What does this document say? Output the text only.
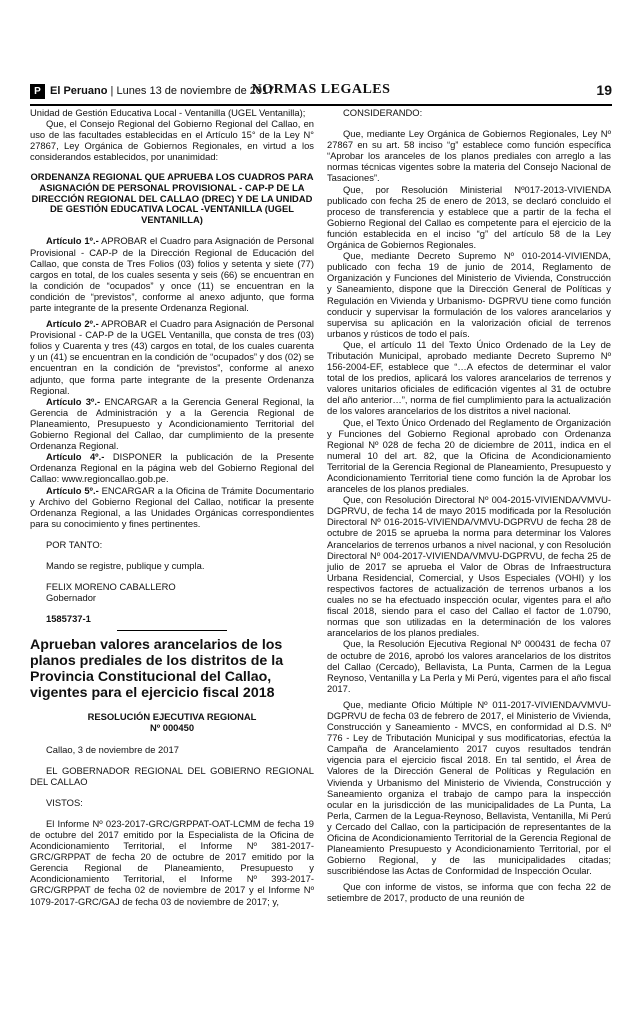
P El Peruano | Lunes 13 de noviembre de 2017
NORMAS LEGALES	19

Unidad de Gestión Educativa Local - Ventanilla (UGEL Ventanilla);

Que, el Consejo Regional del Gobierno Regional del Callao, en uso de las facultades establecidas en el Artículo 15° de la Ley N° 27867, Ley Orgánica de Gobiernos Regionales, en virtud a los considerandos establecidos, por unanimidad:

ORDENANZA REGIONAL QUE APRUEBA LOS CUADROS PARA ASIGNACIÓN DE PERSONAL PROVISIONAL - CAP-P DE LA DIRECCIÓN REGIONAL DEL CALLAO (DREC) Y DE LA UNIDAD DE GESTIÓN EDUCATIVA LOCAL -VENTANILLA (UGEL VENTANILLA)

Artículo 1º.- APROBAR el Cuadro para Asignación de Personal Provisional - CAP-P de la Dirección Regional de Educación del Callao, que consta de Tres Folios (03) folios y setenta y siete (77) cargos en total, de los cuales sesenta y seis (66) se encuentran en la condición de “ocupados” y once (11) se encuentran en la condición de “previstos”, conforme al anexo adjunto, que forma parte integrante de la presente Ordenanza Regional.

Artículo 2º.- APROBAR el Cuadro para Asignación de Personal Provisional - CAP-P de la UGEL Ventanilla, que consta de tres (03) folios y Cuarenta y tres (43) cargos en total, de los cuales cuarenta y un (41) se encuentran en la condición de “ocupados” y dos (02) se encuentran en la condición de “previstos”, conforme al anexo adjunto, que forma parte integrante de la presente Ordenanza Regional.

Artículo 3º.- ENCARGAR a la Gerencia General Regional, la Gerencia de Administración y a la Gerencia Regional de Planeamiento, Presupuesto y Acondicionamiento Territorial del Gobierno Regional del Callao, dar cumplimiento de la presente Ordenanza Regional.

Artículo 4º.- DISPONER la publicación de la Presente Ordenanza Regional en la página web del Gobierno Regional del Callao: www.regioncallao.gob.pe.

Artículo 5º.- ENCARGAR a la Oficina de Trámite Documentario y Archivo del Gobierno Regional del Callao, notificar la presente Ordenanza Regional, a las Unidades Orgánicas correspondientes para su conocimiento y fines pertinentes.

POR TANTO:

Mando se registre, publique y cumpla.

FELIX MORENO CABALLERO

Gobernador

1585737-1

Aprueban valores arancelarios de los planos prediales de los distritos de la Provincia Constitucional del Callao, vigentes para el ejercicio fiscal 2018

RESOLUCIÓN EJECUTIVA REGIONAL

Nº 000450

Callao, 3 de noviembre de 2017

EL GOBERNADOR REGIONAL DEL GOBIERNO REGIONAL DEL CALLAO

VISTOS:

El Informe Nº 023-2017-GRC/GRPPAT-OAT-LCMM de fecha 19 de octubre del 2017 emitido por la Especialista de la Oficina de Acondicionamiento Territorial, el Informe Nº 381-2017-GRC/GRPPAT de fecha 20 de octubre de 2017 emitido por la Gerencia Regional de Planeamiento, Presupuesto y Acondicionamiento Territorial, el Informe Nº 393-2017-GRC/GRPPAT de fecha 02 de noviembre de 2017 y el Informe Nº 1079-2017-GRC/GAJ de fecha 03 de noviembre de 2017; y,

CONSIDERANDO:

Que, mediante Ley Orgánica de Gobiernos Regionales, Ley Nº 27867 en su art. 58 inciso “g” establece como función específica “Aprobar los aranceles de los planos prediales con arreglo a las normas técnicas vigentes sobre la materia del Consejo Nacional de Tasaciones”.

Que, por Resolución Ministerial Nº017-2013-VIVIENDA publicado con fecha 25 de enero de 2013, se declaró concluido el proceso de transferencia y establece que a partir de la fecha el Gobierno Regional del Callao es competente para el ejercicio de la función establecida en el inciso “g” del artículo 58 de la Ley Orgánica de Gobiernos Regionales.

Que, mediante Decreto Supremo Nº 010-2014-VIVIENDA, publicado con fecha 19 de junio de 2014, Reglamento de Organización y Funciones del Ministerio de Vivienda, Construcción y Saneamiento, dispone que la Dirección General de Políticas y Regulación en Vivienda y Urbanismo- DGPRVU tiene como función conducir y supervisar la formulación de los valores arancelarios y supervisa su aplicación en la valorización oficial de terrenos urbanos y rústicos de todo el país.

Que, el artículo 11 del Texto Único Ordenado de la Ley de Tributación Municipal, aprobado mediante Decreto Supremo Nº 156-2004-EF, establece que “…A efectos de determinar el valor total de los predios, aplicará los valores arancelarios de terrenos y valores unitarios oficiales de edificación vigentes al 31 de octubre del año anterior…”, norma de fiel cumplimiento para la actualización de los valores arancelarios de los distritos a nivel nacional.

Que, el Texto Único Ordenado del Reglamento de Organización y Funciones del Gobierno Regional aprobado con Ordenanza Regional Nº 028 de fecha 20 de diciembre de 2011, indica en el numeral 10 del art. 82, que la Oficina de Acondicionamiento Territorial de la Gerencia Regional de Planeamiento, Presupuesto y Acondicionamiento Territorial tiene como función la de Aprobar los aranceles de los planos prediales.

Que, con Resolución Directoral Nº 004-2015-VIVIENDA/VMVU-DGPRVU, de fecha 14 de mayo 2015 modificada por la Resolución Directoral Nº 016-2015-VIVIENDA/VMVU-DGPRVU de fecha 28 de octubre de 2015 se aprueba la norma para determinar los Valores Arancelarios de terrenos urbanos a nivel nacional, y con Resolución Directoral Nº 004-2017-VIVIENDA/VMVU-DGPRVU, de fecha 25 de julio de 2017 se aprueba el Valor de Obras de Infraestructura Urbana Residencial, Comercial, y Usos Especiales (VOHI) y los respectivos factores de actualización de terrenos urbanos a los cuales no se ha efectuado inspección ocular, vigentes para el año fiscal 2018, siendo para el caso del Callao el factor de 1.0790, normas que son utilizadas en la determinación de los valores arancelarios de los planos prediales.

Que, la Resolución Ejecutiva Regional Nº 000431 de fecha 07 de octubre de 2016, aprobó los valores arancelarios de los distritos del Callao (Cercado), Bellavista, La Punta, Carmen de la Legua Reynoso, Ventanilla y La Perla y Mi Perú, vigentes para el año fiscal 2017.

Que, mediante Oficio Múltiple Nº 011-2017-VIVIENDA/VMVU-DGPRVU de fecha 03 de febrero de 2017, el Ministerio de Vivienda, Construcción y Saneamiento - MVCS, en conformidad al D.S. Nº 776 - Ley de Tributación Municipal y sus modificatorias, efectúa la Campaña de Arancelamiento 2017 cuyos resultados tendrán vigencia para el ejercicio fiscal 2018. En tal sentido, el Área de Valores de la Dirección General de Políticas y Regulación en Vivienda y Urbanismo del Ministerio de Vivienda, Construcción y Saneamiento organiza el trabajo de campo para la inspección ocular en la jurisdicción de las municipalidades de La Punta, La Perla, Carmen de la Legua-Reynoso, Bellavista, Ventanilla, Mi Perú y Cercado del Callao, con la participación de representantes de la Oficina de Acondicionamiento Territorial de la Gerencia Regional de Planeamiento Presupuesto y Acondicionamiento Territorial, por el Gobierno Regional, y de las municipalidades citadas; suscribiéndose las Actas de Conformidad de Inspección Ocular.

Que con informe de vistos, se informa que con fecha 22 de setiembre de 2017, producto de una reunión de
